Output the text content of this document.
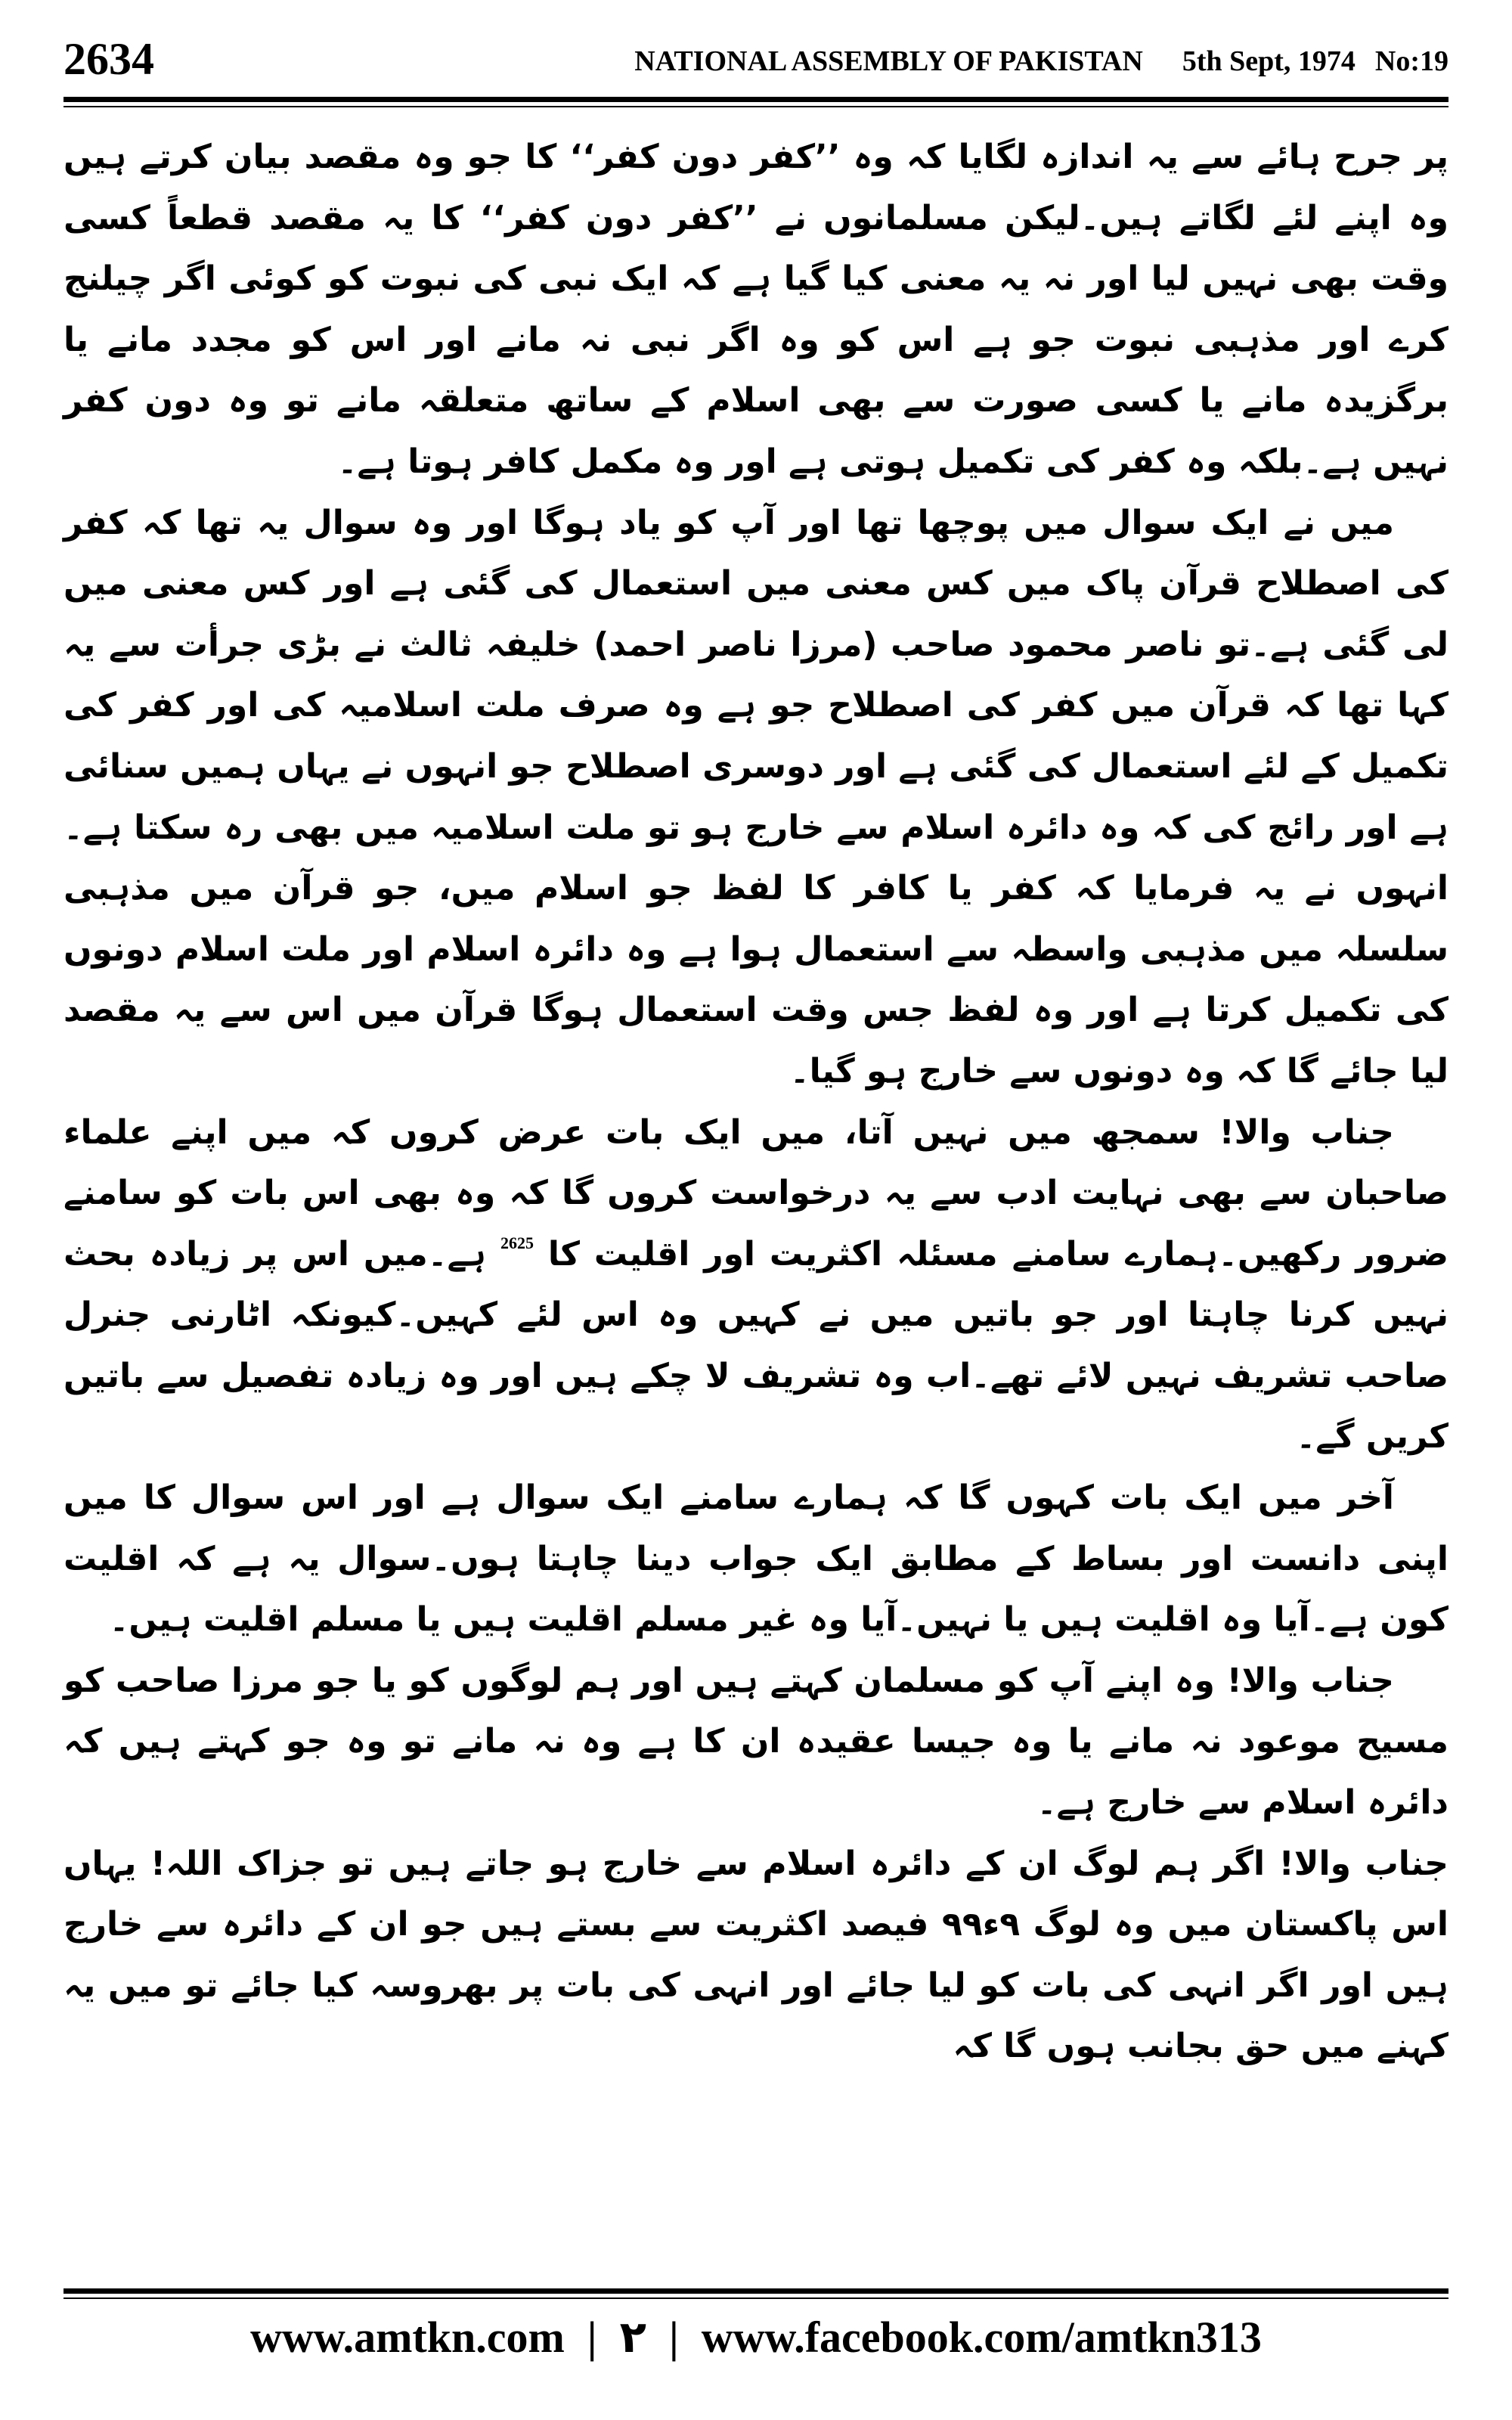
2634	NATIONAL ASSEMBLY OF PAKISTAN 5th Sept, 1974 No:19

پر جرح ہائے سے یہ اندازہ لگایا کہ وہ ’’کفر دون کفر‘‘ کا جو وہ مقصد بیان کرتے ہیں وہ اپنے لئے لگاتے ہیں۔لیکن مسلمانوں نے ’’کفر دون کفر‘‘ کا یہ مقصد قطعاً کسی وقت بھی نہیں لیا اور نہ یہ معنی کیا گیا ہے کہ ایک نبی کی نبوت کو کوئی اگر چیلنج کرے اور مذہبی نبوت جو ہے اس کو وہ اگر نبی نہ مانے اور اس کو مجدد مانے یا برگزیدہ مانے یا کسی صورت سے بھی اسلام کے ساتھ متعلقہ مانے تو وہ دون کفر نہیں ہے۔بلکہ وہ کفر کی تکمیل ہوتی ہے اور وہ مکمل کافر ہوتا ہے۔

میں نے ایک سوال میں پوچھا تھا اور آپ کو یاد ہوگا اور وہ سوال یہ تھا کہ کفر کی اصطلاح قرآن پاک میں کس معنی میں استعمال کی گئی ہے اور کس معنی میں لی گئی ہے۔تو ناصر محمود صاحب (مرزا ناصر احمد) خلیفہ ثالث نے بڑی جرأت سے یہ کہا تھا کہ قرآن میں کفر کی اصطلاح جو ہے وہ صرف ملت اسلامیہ کی اور کفر کی تکمیل کے لئے استعمال کی گئی ہے اور دوسری اصطلاح جو انہوں نے یہاں ہمیں سنائی ہے اور رائج کی کہ وہ دائرہ اسلام سے خارج ہو تو ملت اسلامیہ میں بھی رہ سکتا ہے۔انہوں نے یہ فرمایا کہ کفر یا کافر کا لفظ جو اسلام میں، جو قرآن میں مذہبی سلسلہ میں مذہبی واسطہ سے استعمال ہوا ہے وہ دائرہ اسلام اور ملت اسلام دونوں کی تکمیل کرتا ہے اور وہ لفظ جس وقت استعمال ہوگا قرآن میں اس سے یہ مقصد لیا جائے گا کہ وہ دونوں سے خارج ہو گیا۔

جناب والا! سمجھ میں نہیں آتا، میں ایک بات عرض کروں کہ میں اپنے علماء صاحبان سے بھی نہایت ادب سے یہ درخواست کروں گا کہ وہ بھی اس بات کو سامنے ضرور رکھیں۔ہمارے سامنے مسئلہ اکثریت اور اقلیت کا $^{2625}$ ہے۔میں اس پر زیادہ بحث نہیں کرنا چاہتا اور جو باتیں میں نے کہیں وہ اس لئے کہیں۔کیونکہ اٹارنی جنرل صاحب تشریف نہیں لائے تھے۔اب وہ تشریف لا چکے ہیں اور وہ زیادہ تفصیل سے باتیں کریں گے۔

آخر میں ایک بات کہوں گا کہ ہمارے سامنے ایک سوال ہے اور اس سوال کا میں اپنی دانست اور بساط کے مطابق ایک جواب دینا چاہتا ہوں۔سوال یہ ہے کہ اقلیت کون ہے۔آیا وہ اقلیت ہیں یا نہیں۔آیا وہ غیر مسلم اقلیت ہیں یا مسلم اقلیت ہیں۔

جناب والا! وہ اپنے آپ کو مسلمان کہتے ہیں اور ہم لوگوں کو یا جو مرزا صاحب کو مسیح موعود نہ مانے یا وہ جیسا عقیدہ ان کا ہے وہ نہ مانے تو وہ جو کہتے ہیں کہ دائرہ اسلام سے خارج ہے۔

جناب والا! اگر ہم لوگ ان کے دائرہ اسلام سے خارج ہو جاتے ہیں تو جزاک اللہ! یہاں اس پاکستان میں وہ لوگ ۹ء۹۹ فیصد اکثریت سے بستے ہیں جو ان کے دائرہ سے خارج ہیں اور اگر انہی کی بات کو لیا جائے اور انہی کی بات پر بھروسہ کیا جائے تو میں یہ کہنے میں حق بجانب ہوں گا کہ

www.amtkn.com | ۲ | www.facebook.com/amtkn313
